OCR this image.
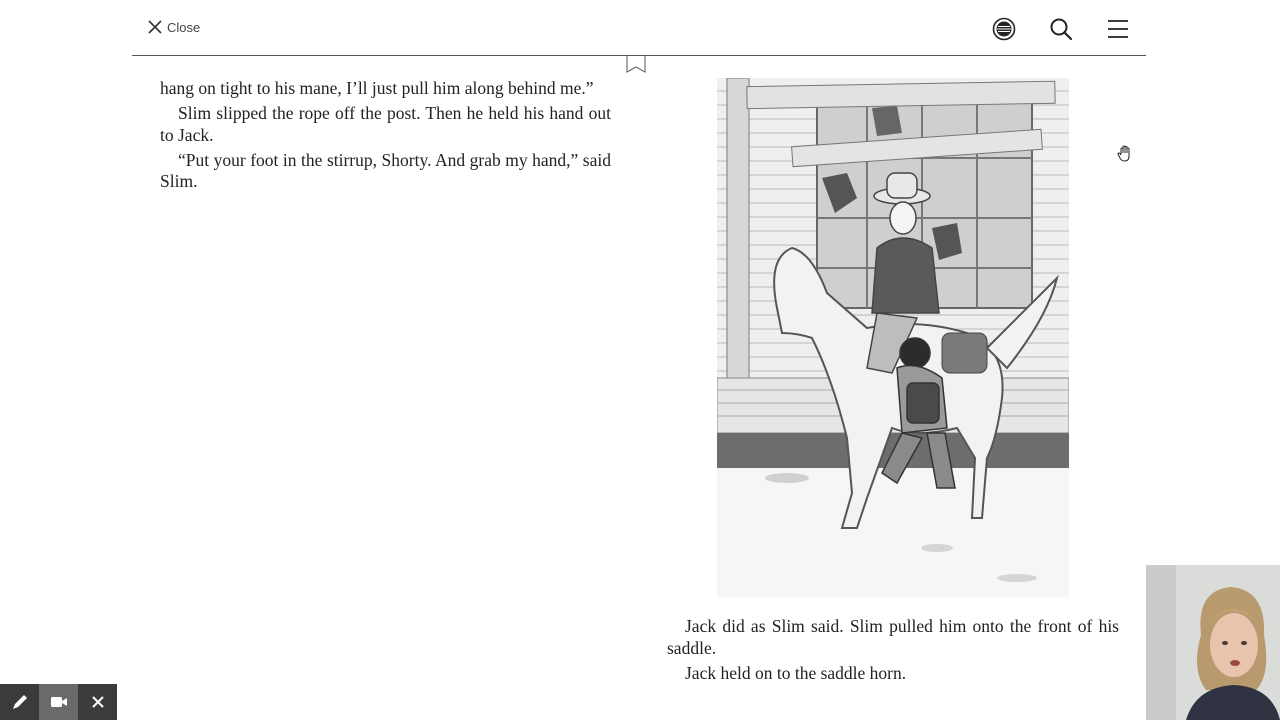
Close

hang on tight to his mane, I’ll just pull him along behind me.”

Slim slipped the rope off the post. Then he held his hand out to Jack.

“Put your foot in the stirrup, Shorty. And grab my hand,” said Slim.

Jack did as Slim said. Slim pulled him onto the front of his saddle.

Jack held on to the saddle horn.
